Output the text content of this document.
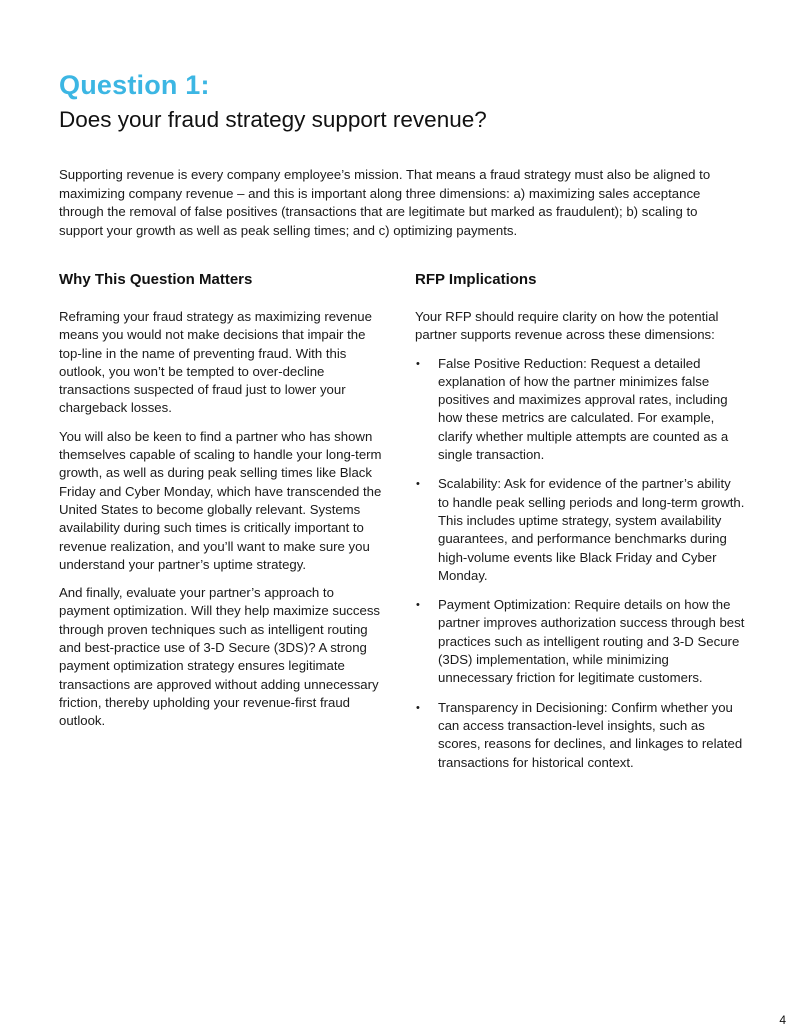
Question 1:
Does your fraud strategy support revenue?

Supporting revenue is every company employee’s mission. That means a fraud strategy must also be aligned to maximizing company revenue – and this is important along three dimensions: a) maximizing sales acceptance through the removal of false positives (transactions that are legitimate but marked as fraudulent); b) scaling to support your growth as well as peak selling times; and c) optimizing payments.

Why This Question Matters

Reframing your fraud strategy as maximizing revenue means you would not make decisions that impair the top-line in the name of preventing fraud. With this outlook, you won’t be tempted to over-decline transactions suspected of fraud just to lower your chargeback losses.

You will also be keen to find a partner who has shown themselves capable of scaling to handle your long-term growth, as well as during peak selling times like Black Friday and Cyber Monday, which have transcended the United States to become globally relevant. Systems availability during such times is critically important to revenue realization, and you’ll want to make sure you understand your partner’s uptime strategy.

And finally, evaluate your partner’s approach to payment optimization. Will they help maximize success through proven techniques such as intelligent routing and best-practice use of 3-D Secure (3DS)? A strong payment optimization strategy ensures legitimate transactions are approved without adding unnecessary friction, thereby upholding your revenue-first fraud outlook.

RFP Implications

Your RFP should require clarity on how the potential partner supports revenue across these dimensions:

• False Positive Reduction: Request a detailed explanation of how the partner minimizes false positives and maximizes approval rates, including how these metrics are calculated. For example, clarify whether multiple attempts are counted as a single transaction.
• Scalability: Ask for evidence of the partner’s ability to handle peak selling periods and long-term growth. This includes uptime strategy, system availability guarantees, and performance benchmarks during high-volume events like Black Friday and Cyber Monday.
• Payment Optimization: Require details on how the partner improves authorization success through best practices such as intelligent routing and 3-D Secure (3DS) implementation, while minimizing unnecessary friction for legitimate customers.
• Transparency in Decisioning: Confirm whether you can access transaction-level insights, such as scores, reasons for declines, and linkages to related transactions for historical context.
4
